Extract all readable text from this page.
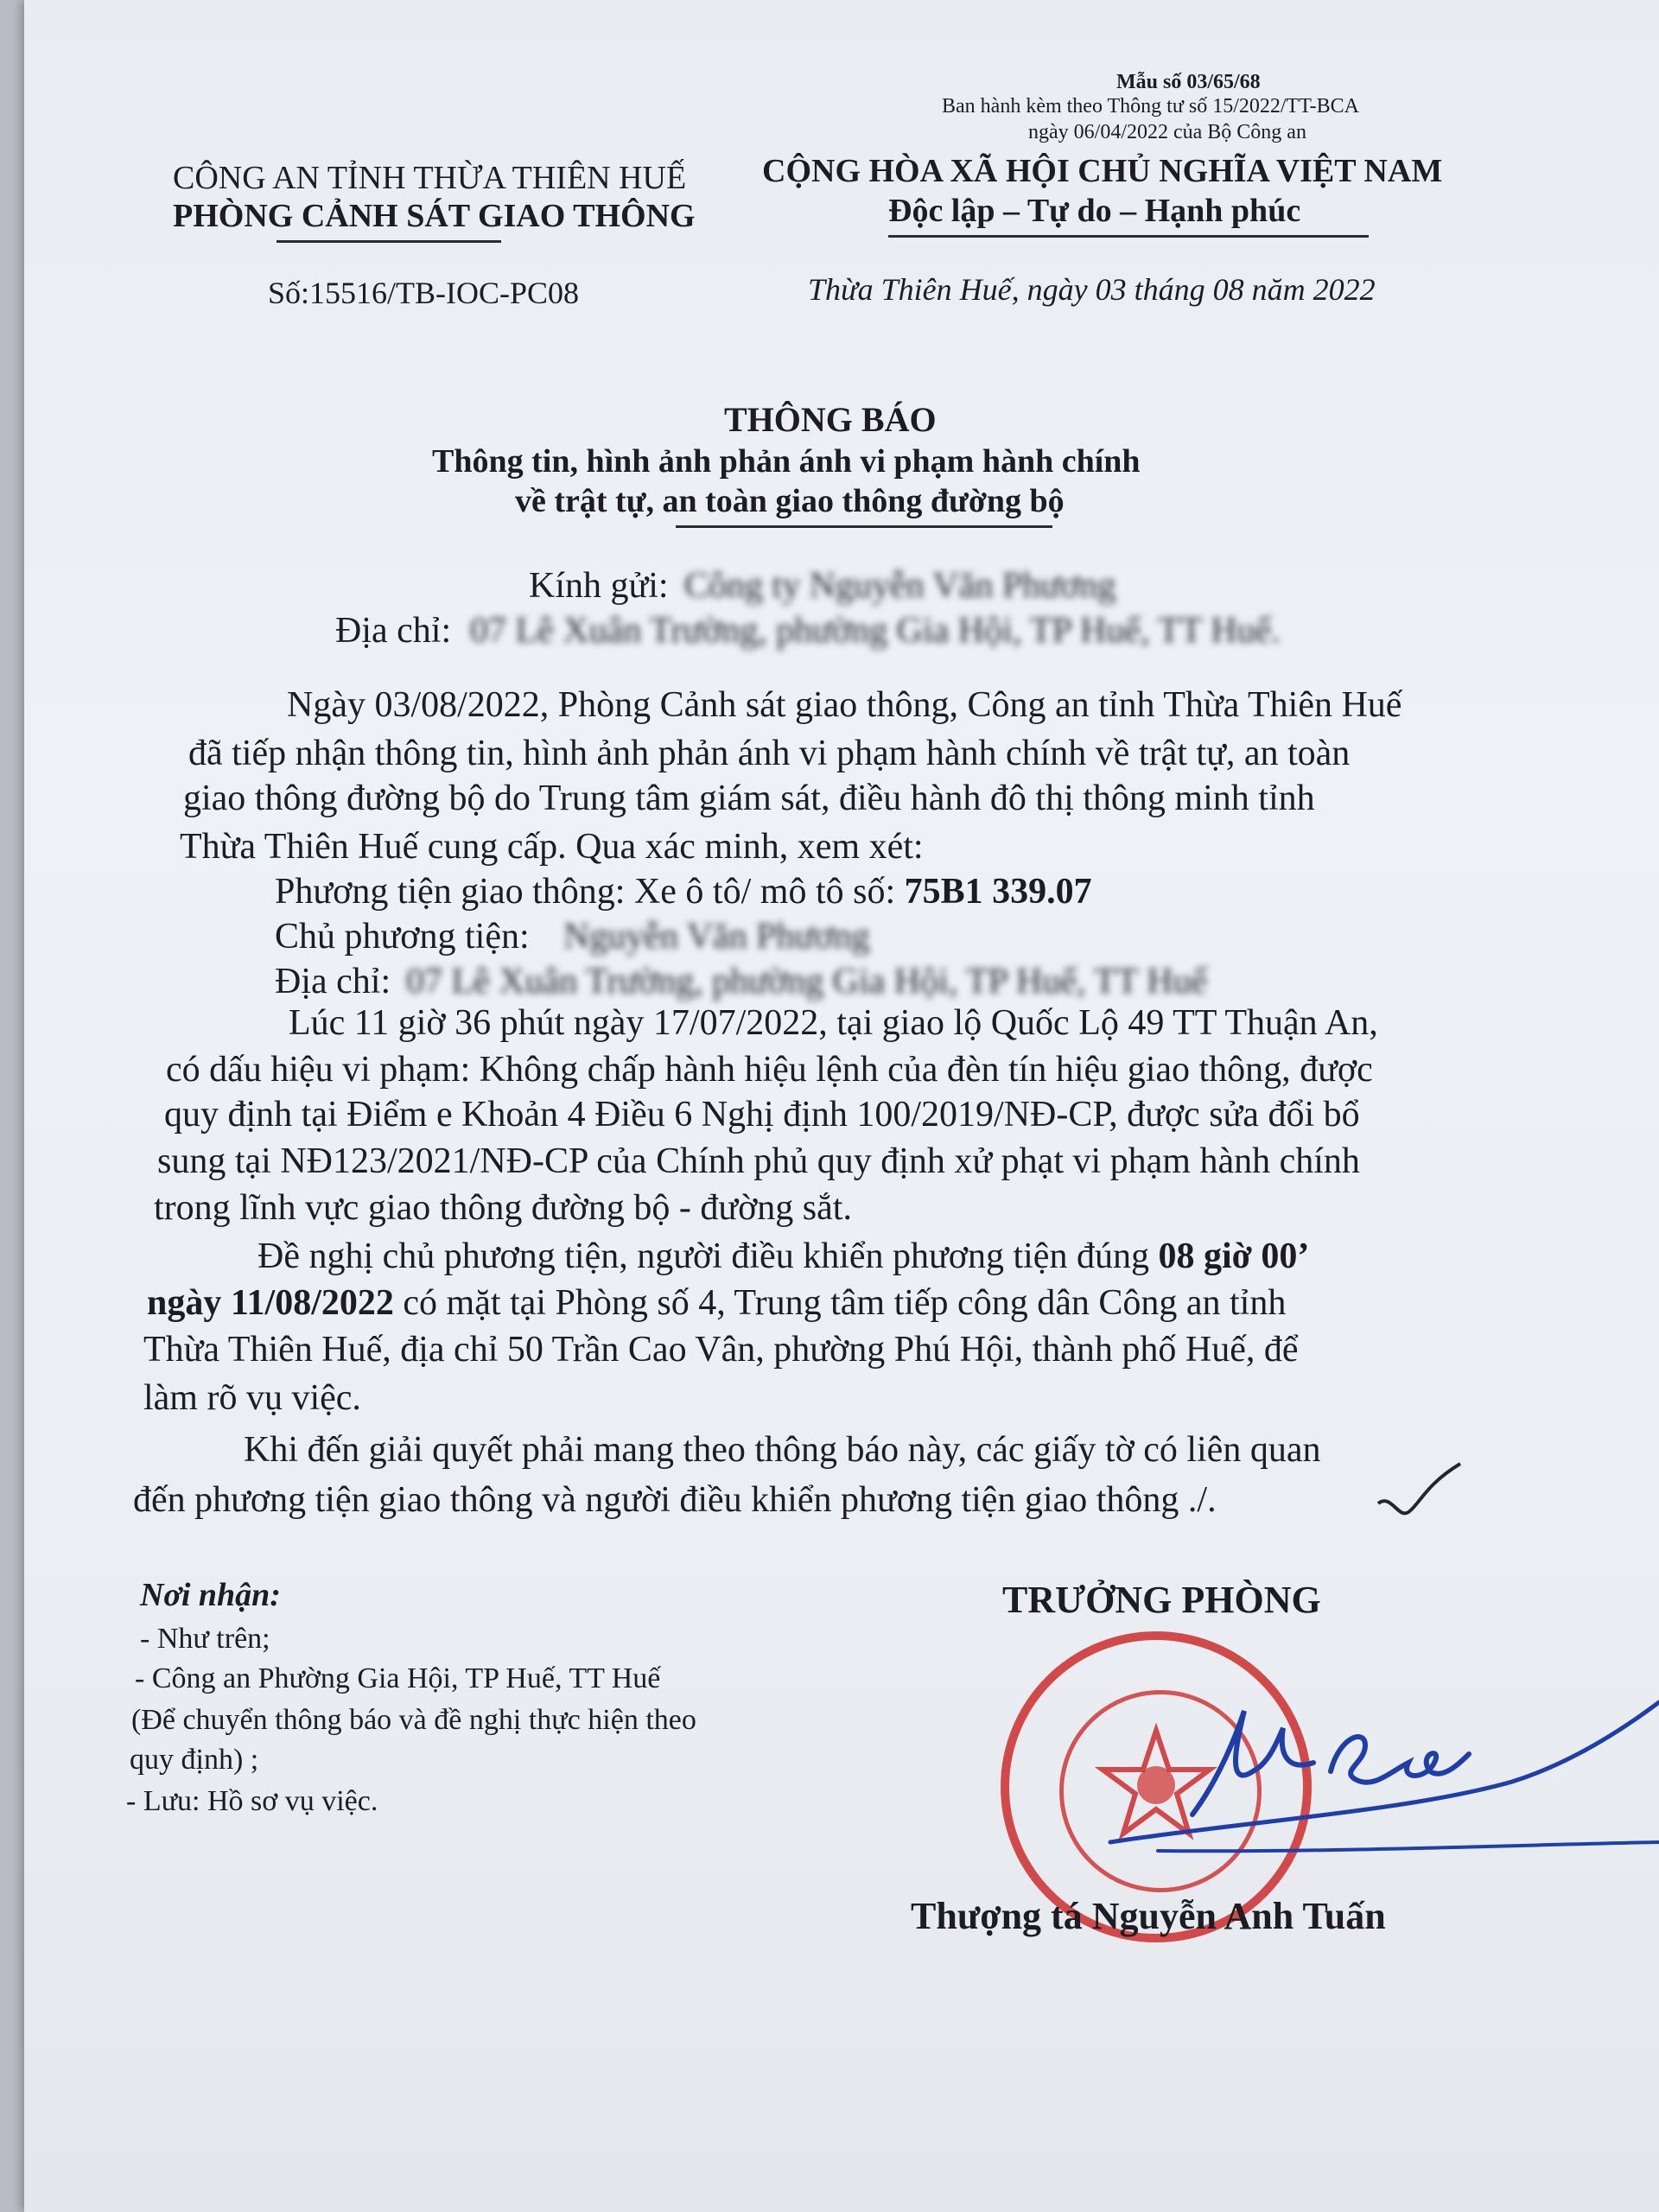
Mẫu số 03/65/68
Ban hành kèm theo Thông tư số 15/2022/TT-BCA
ngày 06/04/2022 của Bộ Công an
CÔNG AN TỈNH THỪA THIÊN HUẾ
PHÒNG CẢNH SÁT GIAO THÔNG
Số:15516/TB-IOC-PC08
CỘNG HÒA XÃ HỘI CHỦ NGHĨA VIỆT NAM
Độc lập – Tự do – Hạnh phúc
Thừa Thiên Huế, ngày 03 tháng 08 năm 2022
THÔNG BÁO
Thông tin, hình ảnh phản ánh vi phạm hành chính
về trật tự, an toàn giao thông đường bộ
Kính gửi: Công ty Nguyễn Văn Phương
Địa chỉ: 07 Lê Xuân Trường, phường Gia Hội, TP Huế, TT Huế.
Ngày 03/08/2022, Phòng Cảnh sát giao thông, Công an tỉnh Thừa Thiên Huế
đã tiếp nhận thông tin, hình ảnh phản ánh vi phạm hành chính về trật tự, an toàn
giao thông đường bộ do Trung tâm giám sát, điều hành đô thị thông minh tỉnh
Thừa Thiên Huế cung cấp. Qua xác minh, xem xét:
Phương tiện giao thông: Xe ô tô/ mô tô số: 75B1 339.07
Chủ phương tiện: Nguyễn Văn Phương
Địa chỉ: 07 Lê Xuân Trường, phường Gia Hội, TP Huế, TT Huế
Lúc 11 giờ 36 phút ngày 17/07/2022, tại giao lộ Quốc Lộ 49 TT Thuận An,
có dấu hiệu vi phạm: Không chấp hành hiệu lệnh của đèn tín hiệu giao thông, được
quy định tại Điểm e Khoản 4 Điều 6 Nghị định 100/2019/NĐ-CP, được sửa đổi bổ
sung tại NĐ123/2021/NĐ-CP của Chính phủ quy định xử phạt vi phạm hành chính
trong lĩnh vực giao thông đường bộ - đường sắt.
Đề nghị chủ phương tiện, người điều khiển phương tiện đúng 08 giờ 00’
ngày 11/08/2022 có mặt tại Phòng số 4, Trung tâm tiếp công dân Công an tỉnh
Thừa Thiên Huế, địa chỉ 50 Trần Cao Vân, phường Phú Hội, thành phố Huế, để
làm rõ vụ việc.
Khi đến giải quyết phải mang theo thông báo này, các giấy tờ có liên quan
đến phương tiện giao thông và người điều khiển phương tiện giao thông ./.
Nơi nhận:
- Như trên;
- Công an Phường Gia Hội, TP Huế, TT Huế
(Để chuyển thông báo và đề nghị thực hiện theo
quy định) ;
- Lưu: Hồ sơ vụ việc.
TRƯỞNG PHÒNG
Thượng tá Nguyễn Anh Tuấn
